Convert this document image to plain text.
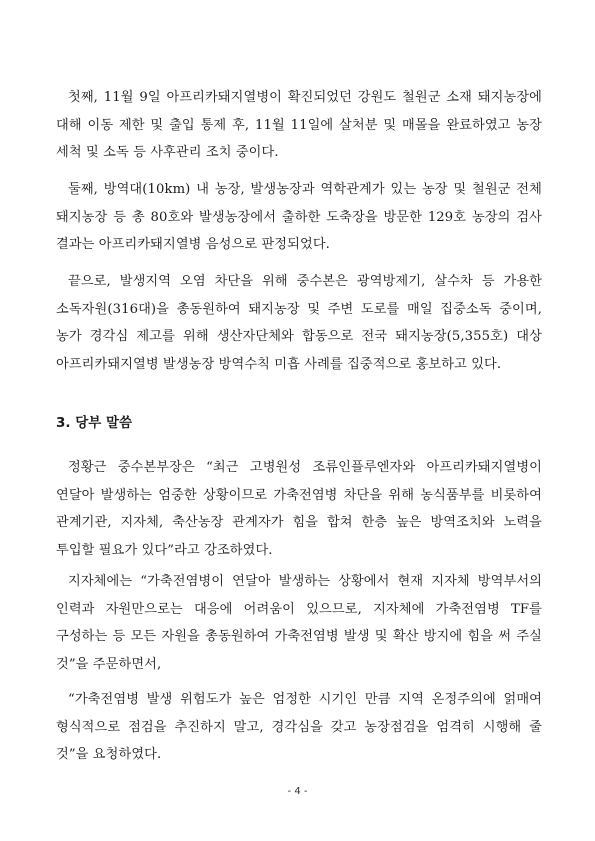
첫째, 11월 9일 아프리카돼지열병이 확진되었던 강원도 철원군 소재 돼지농장에 대해 이동 제한 및 출입 통제 후, 11월 11일에 살처분 및 매몰을 완료하였고 농장 세척 및 소독 등 사후관리 조치 중이다.

둘째, 방역대(10km) 내 농장, 발생농장과 역학관계가 있는 농장 및 철원군 전체 돼지농장 등 총 80호와 발생농장에서 출하한 도축장을 방문한 129호 농장의 검사 결과는 아프리카돼지열병 음성으로 판정되었다.

끝으로, 발생지역 오염 차단을 위해 중수본은 광역방제기, 살수차 등 가용한 소독자원(316대)을 총동원하여 돼지농장 및 주변 도로를 매일 집중소독 중이며, 농가 경각심 제고를 위해 생산자단체와 합동으로 전국 돼지농장(5,355호) 대상 아프리카돼지열병 발생농장 방역수칙 미흡 사례를 집중적으로 홍보하고 있다.

3. 당부 말씀

정황근 중수본부장은 “최근 고병원성 조류인플루엔자와 아프리카돼지열병이 연달아 발생하는 엄중한 상황이므로 가축전염병 차단을 위해 농식품부를 비롯하여 관계기관, 지자체, 축산농장 관계자가 힘을 합쳐 한층 높은 방역조치와 노력을 투입할 필요가 있다”라고 강조하였다.

지자체에는 “가축전염병이 연달아 발생하는 상황에서 현재 지자체 방역부서의 인력과 자원만으로는 대응에 어려움이 있으므로, 지자체에 가축전염병 TF를 구성하는 등 모든 자원을 총동원하여 가축전염병 발생 및 확산 방지에 힘을 써 주실 것”을 주문하면서,

“가축전염병 발생 위험도가 높은 엄정한 시기인 만큼 지역 온정주의에 얽매여 형식적으로 점검을 추진하지 말고, 경각심을 갖고 농장점검을 엄격히 시행해 줄 것”을 요청하였다.

- 4 -
